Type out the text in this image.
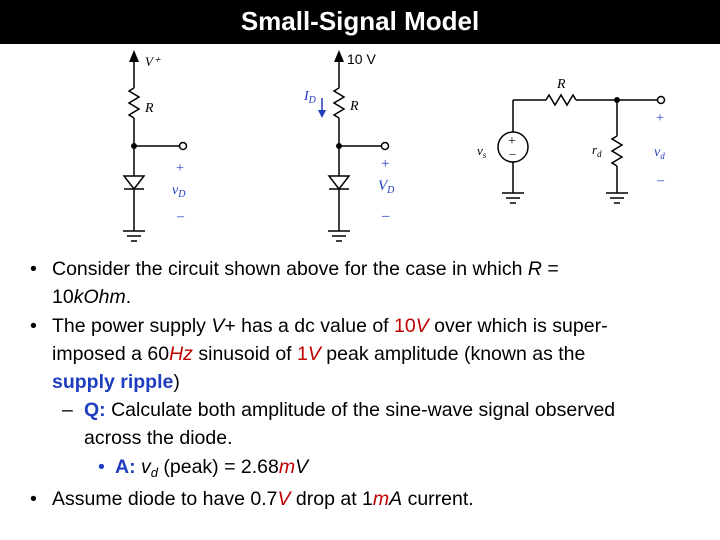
Small-Signal Model
V⁺
R
+
$v_D$
–
10 V
$I_D$ R
+
$V_D$
–
+
−
R
$v_s$	$r_d$
+
$v_d$
–
• Consider the circuit shown above for the case in which R =
10kOhm.
• The power supply V+ has a dc value of 10V over which is super-
imposed a 60Hz sinusoid of 1V peak amplitude (known as the
supply ripple)
– Q: Calculate both amplitude of the sine-wave signal observed
across the diode.
• A: $v_d$ (peak) = 2.68mV
• Assume diode to have 0.7V drop at 1mA current.
